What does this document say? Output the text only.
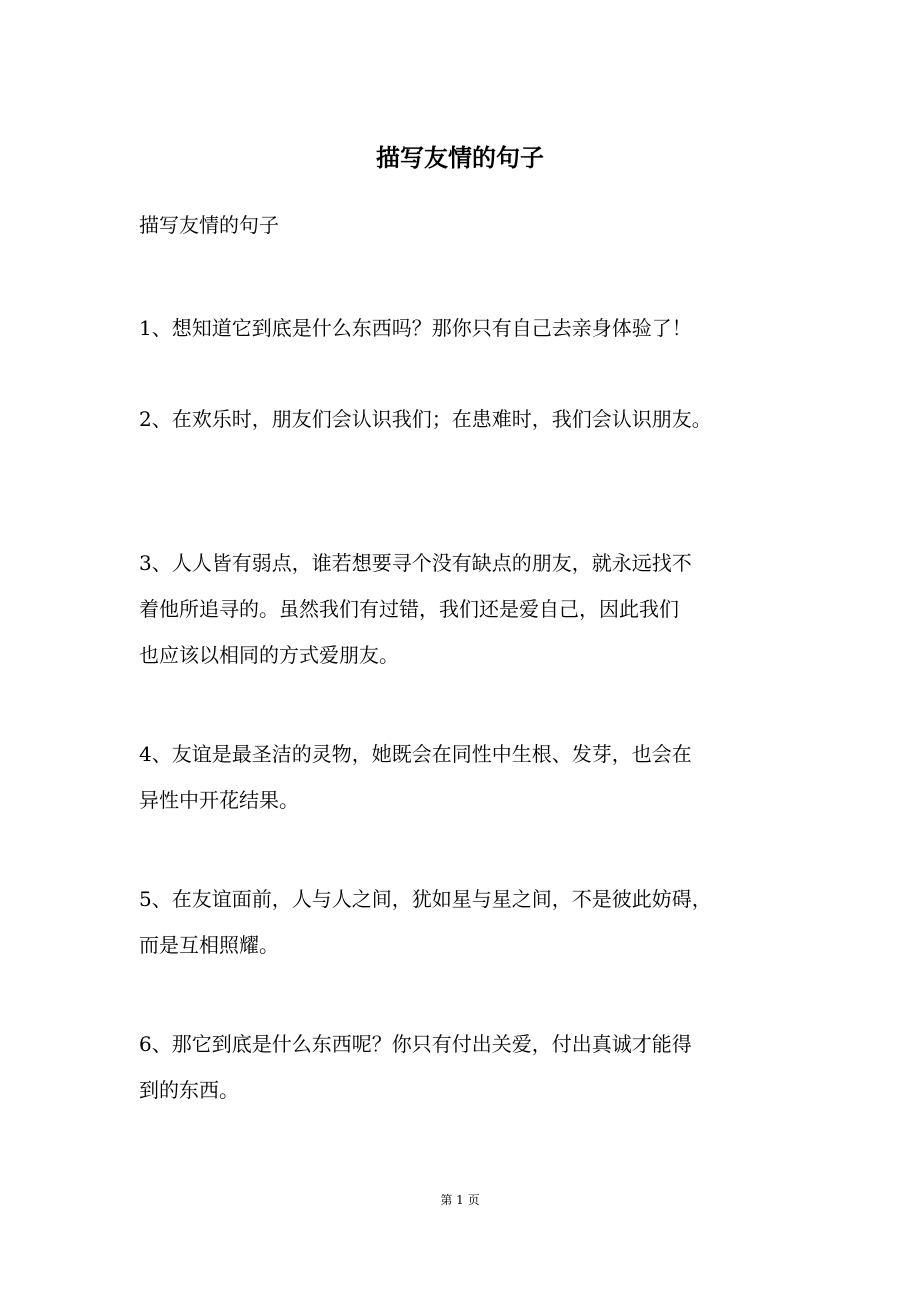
描写友情的句子

描写友情的句子

1、想知道它到底是什么东西吗？那你只有自己去亲身体验了！

2、在欢乐时，朋友们会认识我们；在患难时，我们会认识朋友。

3、人人皆有弱点，谁若想要寻个没有缺点的朋友，就永远找不
着他所追寻的。虽然我们有过错，我们还是爱自己，因此我们
也应该以相同的方式爱朋友。

4、友谊是最圣洁的灵物，她既会在同性中生根、发芽，也会在
异性中开花结果。

5、在友谊面前，人与人之间，犹如星与星之间，不是彼此妨碍，
而是互相照耀。

6、那它到底是什么东西呢？你只有付出关爱，付出真诚才能得
到的东西。

第 1 页
